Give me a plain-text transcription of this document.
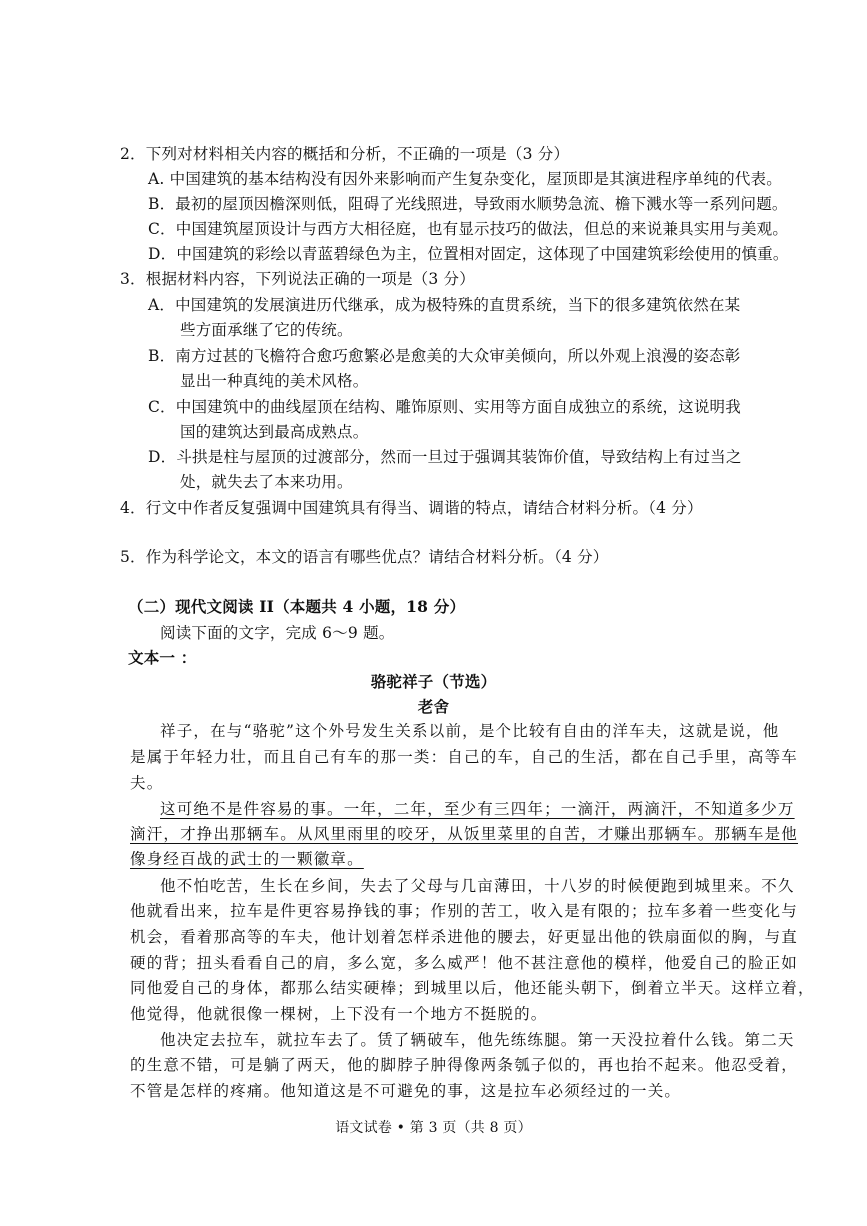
2．下列对材料相关内容的概括和分析，不正确的一项是（3 分）
A. 中国建筑的基本结构没有因外来影响而产生复杂变化，屋顶即是其演进程序单纯的代表。
B．最初的屋顶因檐深则低，阻碍了光线照进，导致雨水顺势急流、檐下溅水等一系列问题。
C．中国建筑屋顶设计与西方大相径庭，也有显示技巧的做法，但总的来说兼具实用与美观。
D．中国建筑的彩绘以青蓝碧绿色为主，位置相对固定，这体现了中国建筑彩绘使用的慎重。
3．根据材料内容，下列说法正确的一项是（3 分）
A．中国建筑的发展演进历代继承，成为极特殊的直贯系统，当下的很多建筑依然在某
些方面承继了它的传统。
B．南方过甚的飞檐符合愈巧愈繁必是愈美的大众审美倾向，所以外观上浪漫的姿态彰
显出一种真纯的美术风格。
C．中国建筑中的曲线屋顶在结构、雕饰原则、实用等方面自成独立的系统，这说明我
国的建筑达到最高成熟点。
D．斗拱是柱与屋顶的过渡部分，然而一旦过于强调其装饰价值，导致结构上有过当之
处，就失去了本来功用。
4．行文中作者反复强调中国建筑具有得当、调谐的特点，请结合材料分析。（4 分）
5．作为科学论文，本文的语言有哪些优点？请结合材料分析。（4 分）
（二）现代文阅读 II（本题共 4 小题，18 分）
阅读下面的文字，完成 6～9 题。
文本一 ：
骆驼祥子（节选）
老舍
祥子，在与“骆驼”这个外号发生关系以前，是个比较有自由的洋车夫，这就是说，他
是属于年轻力壮，而且自己有车的那一类：自己的车，自己的生活，都在自己手里，高等车
夫。
这可绝不是件容易的事。一年，二年，至少有三四年；一滴汗，两滴汗，不知道多少万
滴汗，才挣出那辆车。从风里雨里的咬牙，从饭里菜里的自苦，才赚出那辆车。那辆车是他
像身经百战的武士的一颗徽章。
他不怕吃苦，生长在乡间，失去了父母与几亩薄田，十八岁的时候便跑到城里来。不久
他就看出来，拉车是件更容易挣钱的事；作别的苦工，收入是有限的；拉车多着一些变化与
机会，看着那高等的车夫，他计划着怎样杀进他的腰去，好更显出他的铁扇面似的胸，与直
硬的背；扭头看看自己的肩，多么宽，多么威严！他不甚注意他的模样，他爱自己的脸正如
同他爱自己的身体，都那么结实硬棒；到城里以后，他还能头朝下，倒着立半天。这样立着，
他觉得，他就很像一棵树，上下没有一个地方不挺脱的。
他决定去拉车，就拉车去了。赁了辆破车，他先练练腿。第一天没拉着什么钱。第二天
的生意不错，可是躺了两天，他的脚脖子肿得像两条瓠子似的，再也抬不起来。他忍受着，
不管是怎样的疼痛。他知道这是不可避免的事，这是拉车必须经过的一关。
语文试卷 • 第 3 页（共 8 页）
